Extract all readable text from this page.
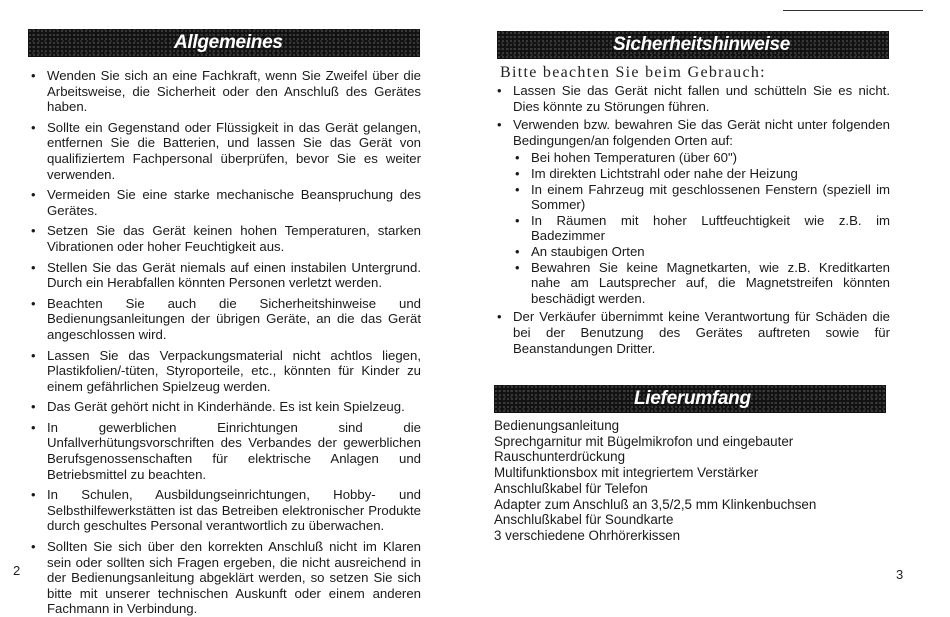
Allgemeines
• Wenden Sie sich an eine Fachkraft, wenn Sie Zweifel über die Arbeitsweise, die Sicherheit oder den Anschluß des Gerätes haben.
• Sollte ein Gegenstand oder Flüssigkeit in das Gerät gelangen, entfernen Sie die Batterien, und lassen Sie das Gerät von qualifiziertem Fachpersonal überprüfen, bevor Sie es weiter verwenden.
• Vermeiden Sie eine starke mechanische Beanspruchung des Gerätes.
• Setzen Sie das Gerät keinen hohen Temperaturen, starken Vibrationen oder hoher Feuchtigkeit aus.
• Stellen Sie das Gerät niemals auf einen instabilen Untergrund. Durch ein Herabfallen könnten Personen verletzt werden.
• Beachten Sie auch die Sicherheitshinweise und Bedienungsanleitungen der übrigen Geräte, an die das Gerät angeschlossen wird.
• Lassen Sie das Verpackungsmaterial nicht achtlos liegen, Plastikfolien/-tüten, Styroporteile, etc., könnten für Kinder zu einem gefährlichen Spielzeug werden.
• Das Gerät gehört nicht in Kinderhände. Es ist kein Spielzeug.
• In gewerblichen Einrichtungen sind die Unfallverhütungsvorschriften des Verbandes der gewerblichen Berufsgenossenschaften für elektrische Anlagen und Betriebsmittel zu beachten.
• In Schulen, Ausbildungseinrichtungen, Hobby- und Selbsthilfewerkstätten ist das Betreiben elektronischer Produkte durch geschultes Personal verantwortlich zu überwachen.
• Sollten Sie sich über den korrekten Anschluß nicht im Klaren sein oder sollten sich Fragen ergeben, die nicht ausreichend in der Bedienungsanleitung abgeklärt werden, so setzen Sie sich bitte mit unserer technischen Auskunft oder einem anderen Fachmann in Verbindung.
2
Sicherheitshinweise
Bitte beachten Sie beim Gebrauch:
• Lassen Sie das Gerät nicht fallen und schütteln Sie es nicht. Dies könnte zu Störungen führen.
• Verwenden bzw. bewahren Sie das Gerät nicht unter folgenden Bedingungen/an folgenden Orten auf:
• Bei hohen Temperaturen (über 60")
• Im direkten Lichtstrahl oder nahe der Heizung
• In einem Fahrzeug mit geschlossenen Fenstern (speziell im Sommer)
• In Räumen mit hoher Luftfeuchtigkeit wie z.B. im Badezimmer
• An staubigen Orten
• Bewahren Sie keine Magnetkarten, wie z.B. Kreditkarten nahe am Lautsprecher auf, die Magnetstreifen könnten beschädigt werden.
• Der Verkäufer übernimmt keine Verantwortung für Schäden die bei der Benutzung des Gerätes auftreten sowie für Beanstandungen Dritter.
Lieferumfang
Bedienungsanleitung
Sprechgarnitur mit Bügelmikrofon und eingebauter
Rauschunterdrückung
Multifunktionsbox mit integriertem Verstärker
Anschlußkabel für Telefon
Adapter zum Anschluß an 3,5/2,5 mm Klinkenbuchsen
Anschlußkabel für Soundkarte
3 verschiedene Ohrhörerkissen
3
